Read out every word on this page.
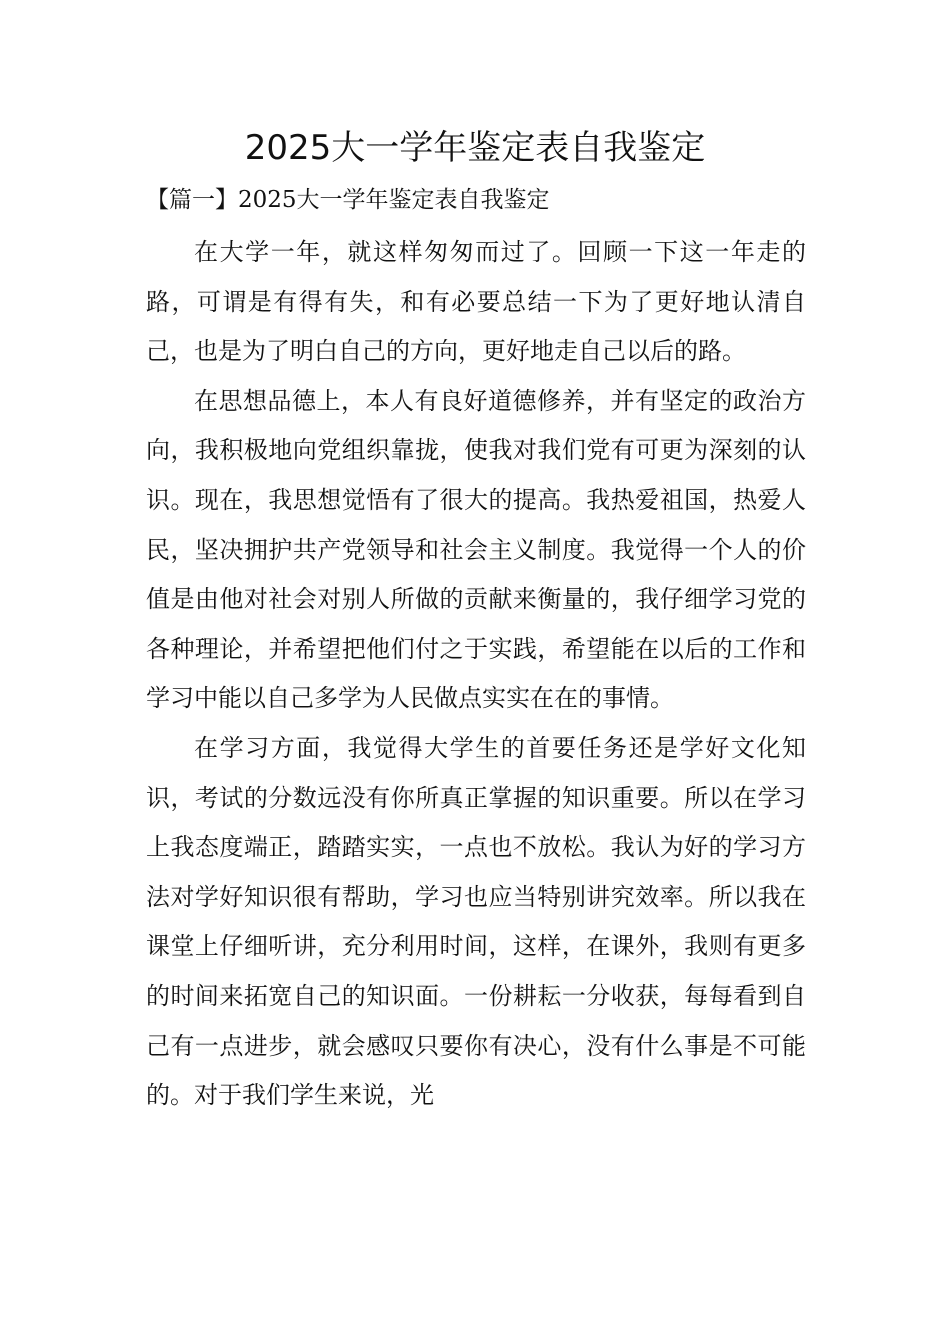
2025大一学年鉴定表自我鉴定
【篇一】2025大一学年鉴定表自我鉴定

在大学一年，就这样匆匆而过了。回顾一下这一年走的路，可谓是有得有失，和有必要总结一下为了更好地认清自己，也是为了明白自己的方向，更好地走自己以后的路。

在思想品德上，本人有良好道德修养，并有坚定的政治方向，我积极地向党组织靠拢，使我对我们党有可更为深刻的认识。现在，我思想觉悟有了很大的提高。我热爱祖国，热爱人民，坚决拥护共产党领导和社会主义制度。我觉得一个人的价值是由他对社会对别人所做的贡献来衡量的，我仔细学习党的各种理论，并希望把他们付之于实践，希望能在以后的工作和学习中能以自己多学为人民做点实实在在的事情。

在学习方面，我觉得大学生的首要任务还是学好文化知识，考试的分数远没有你所真正掌握的知识重要。所以在学习上我态度端正，踏踏实实，一点也不放松。我认为好的学习方法对学好知识很有帮助，学习也应当特别讲究效率。所以我在课堂上仔细听讲，充分利用时间，这样，在课外，我则有更多的时间来拓宽自己的知识面。一份耕耘一分收获，每每看到自己有一点进步，就会感叹只要你有决心，没有什么事是不可能的。对于我们学生来说，光
